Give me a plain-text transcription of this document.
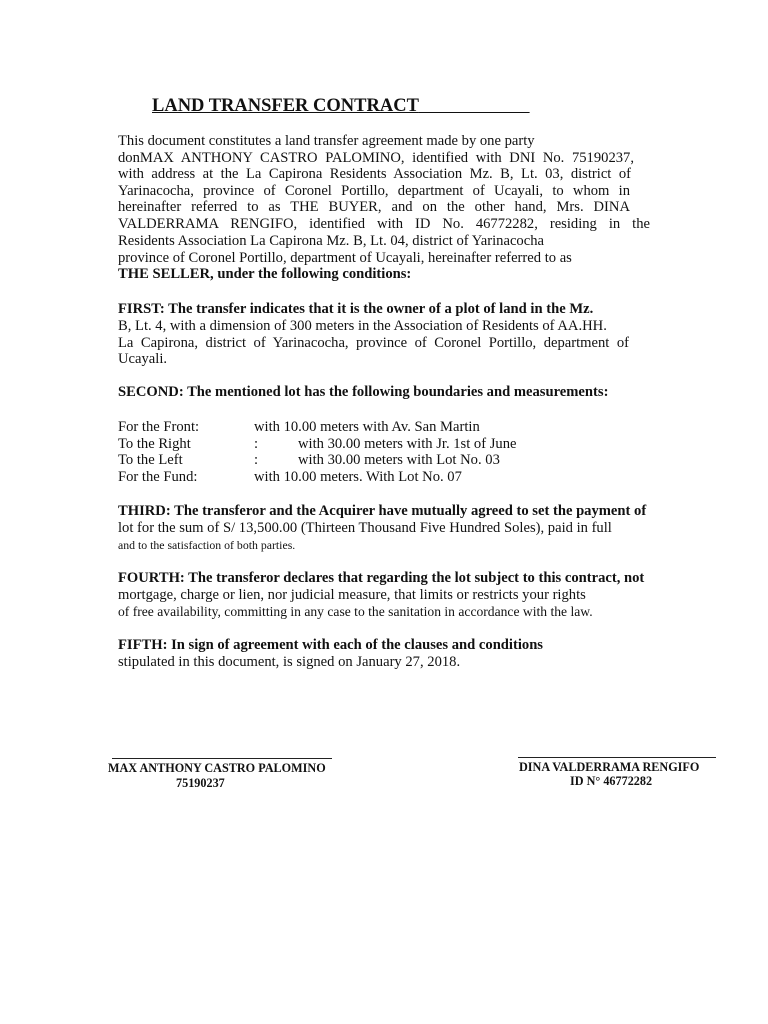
LAND TRANSFER CONTRACT
This document constitutes a land transfer agreement made by one party
donMAX ANTHONY CASTRO PALOMINO, identified with DNI No. 75190237,
with address at the La Capirona Residents Association Mz. B, Lt. 03, district of
Yarinacocha, province of Coronel Portillo, department of Ucayali, to whom in
hereinafter referred to as THE BUYER, and on the other hand, Mrs. DINA
VALDERRAMA RENGIFO, identified with ID No. 46772282, residing in the
Residents Association La Capirona Mz. B, Lt. 04, district of Yarinacocha
province of Coronel Portillo, department of Ucayali, hereinafter referred to as
THE SELLER, under the following conditions:
FIRST: The transfer indicates that it is the owner of a plot of land in the Mz.
B, Lt. 4, with a dimension of 300 meters in the Association of Residents of AA.HH.
La Capirona, district of Yarinacocha, province of Coronel Portillo, department of
Ucayali.
SECOND: The mentioned lot has the following boundaries and measurements:
For the Front:	with 10.00 meters with Av. San Martin
To the Right	:	with 30.00 meters with Jr. 1st of June
To the Left	:	with 30.00 meters with Lot No. 03
For the Fund:	with 10.00 meters. With Lot No. 07
THIRD: The transferor and the Acquirer have mutually agreed to set the payment of
lot for the sum of S/ 13,500.00 (Thirteen Thousand Five Hundred Soles), paid in full
and to the satisfaction of both parties.
FOURTH: The transferor declares that regarding the lot subject to this contract, not
mortgage, charge or lien, nor judicial measure, that limits or restricts your rights
of free availability, committing in any case to the sanitation in accordance with the law.
FIFTH: In sign of agreement with each of the clauses and conditions
stipulated in this document, is signed on January 27, 2018.
MAX ANTHONY CASTRO PALOMINO
75190237
DINA VALDERRAMA RENGIFO
ID N° 46772282
